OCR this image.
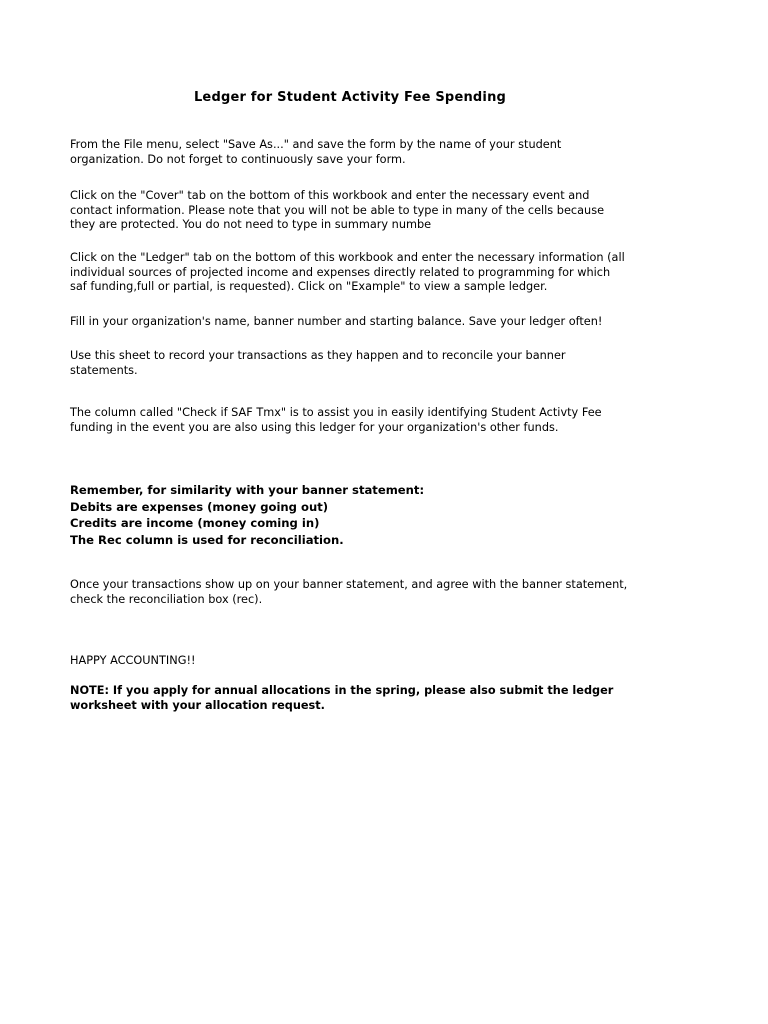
Ledger for Student Activity Fee Spending

From the File menu, select "Save As..." and save the form by the name of your student
organization. Do not forget to continuously save your form.

Click on the "Cover" tab on the bottom of this workbook and enter the necessary event and
contact information. Please note that you will not be able to type in many of the cells because
they are protected. You do not need to type in summary numbe

Click on the "Ledger" tab on the bottom of this workbook and enter the necessary information (all
individual sources of projected income and expenses directly related to programming for which
saf funding,full or partial, is requested). Click on "Example" to view a sample ledger.

Fill in your organization's name, banner number and starting balance. Save your ledger often!

Use this sheet to record your transactions as they happen and to reconcile your banner
statements.

The column called "Check if SAF Tmx" is to assist you in easily identifying Student Activty Fee
funding in the event you are also using this ledger for your organization's other funds.

Remember, for similarity with your banner statement:
Debits are expenses (money going out)
Credits are income (money coming in)
The Rec column is used for reconciliation.

Once your transactions show up on your banner statement, and agree with the banner statement,
check the reconciliation box (rec).

HAPPY ACCOUNTING!!

NOTE: If you apply for annual allocations in the spring, please also submit the ledger
worksheet with your allocation request.
